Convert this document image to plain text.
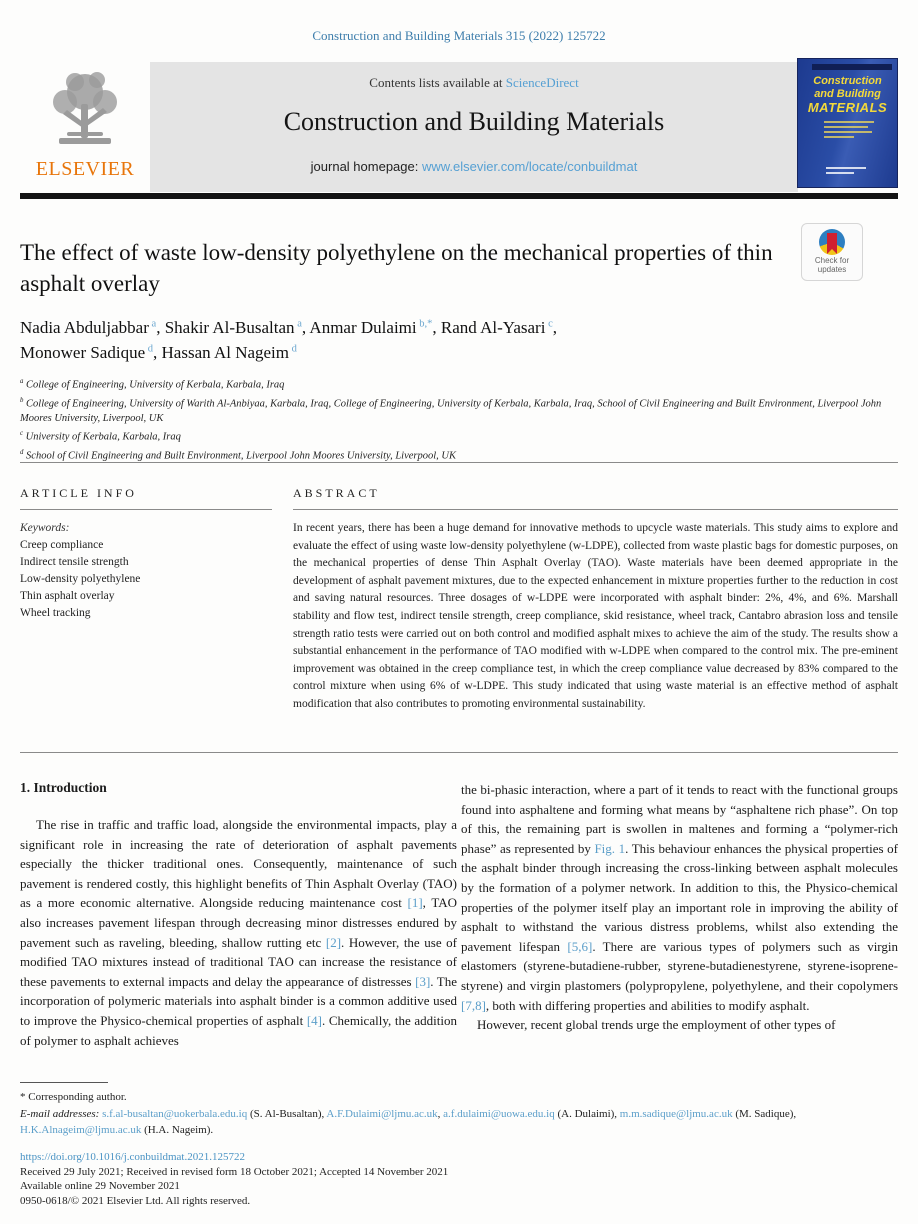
Construction and Building Materials 315 (2022) 125722
ELSEVIER
Contents lists available at ScienceDirect
Construction and Building Materials
journal homepage: www.elsevier.com/locate/conbuildmat
Construction
and Building
MATERIALS
Check for
updates
The effect of waste low-density polyethylene on the mechanical properties of thin asphalt overlay
Nadia Abduljabbar $^a$, Shakir Al-Busaltan $^a$, Anmar Dulaimi $^{b,*}$, Rand Al-Yasari $^c$,
Monower Sadique $^d$, Hassan Al Nageim $^d$
$^a$ College of Engineering, University of Kerbala, Karbala, Iraq
$^b$ College of Engineering, University of Warith Al-Anbiyaa, Karbala, Iraq, College of Engineering, University of Kerbala, Karbala, Iraq, School of Civil Engineering and Built Environment, Liverpool John Moores University, Liverpool, UK
$^c$ University of Kerbala, Karbala, Iraq
$^d$ School of Civil Engineering and Built Environment, Liverpool John Moores University, Liverpool, UK
ARTICLE INFO
Keywords:
Creep compliance
Indirect tensile strength
Low-density polyethylene
Thin asphalt overlay
Wheel tracking
ABSTRACT
In recent years, there has been a huge demand for innovative methods to upcycle waste materials. This study aims to explore and evaluate the effect of using waste low-density polyethylene (w-LDPE), collected from waste plastic bags for domestic purposes, on the mechanical properties of dense Thin Asphalt Overlay (TAO). Waste materials have been deemed appropriate in the development of asphalt pavement mixtures, due to the expected enhancement in mixture properties further to the reduction in cost and saving natural resources. Three dosages of w-LDPE were incorporated with asphalt binder: 2%, 4%, and 6%. Marshall stability and flow test, indirect tensile strength, creep compliance, skid resistance, wheel track, Cantabro abrasion loss and tensile strength ratio tests were carried out on both control and modified asphalt mixes to achieve the aim of the study. The results show a substantial enhancement in the performance of TAO modified with w-LDPE when compared to the control mix. The pre-eminent improvement was obtained in the creep compliance test, in which the creep compliance value decreased by 83% compared to the control mixture when using 6% of w-LDPE. This study indicated that using waste material is an effective method of asphalt modification that also contributes to promoting environmental sustainability.
1. Introduction

The rise in traffic and traffic load, alongside the environmental impacts, play a significant role in increasing the rate of deterioration of asphalt pavements especially the thicker traditional ones. Consequently, maintenance of such pavement is rendered costly, this highlight benefits of Thin Asphalt Overlay (TAO) as a more economic alternative. Alongside reducing maintenance cost [1], TAO also increases pavement lifespan through decreasing minor distresses endured by pavement such as raveling, bleeding, shallow rutting etc [2]. However, the use of modified TAO mixtures instead of traditional TAO can increase the resistance of these pavements to external impacts and delay the appearance of distresses [3]. The incorporation of polymeric materials into asphalt binder is a common additive used to improve the Physico-chemical properties of asphalt [4]. Chemically, the addition of polymer to asphalt achieves

the bi-phasic interaction, where a part of it tends to react with the functional groups found into asphaltene and forming what means by “asphaltene rich phase”. On top of this, the remaining part is swollen in maltenes and forming a “polymer-rich phase” as represented by Fig. 1. This behaviour enhances the physical properties of the asphalt binder through increasing the cross-linking between asphalt molecules by the formation of a polymer network. In addition to this, the Physico-chemical properties of the polymer itself play an important role in improving the ability of asphalt to withstand the various distress problems, whilst also extending the pavement lifespan [5,6]. There are various types of polymers such as virgin elastomers (styrene-butadiene-rubber, styrene-butadienestyrene, styrene-isoprene-styrene) and virgin plastomers (polypropylene, polyethylene, and their copolymers [7,8], both with differing properties and abilities to modify asphalt.

However, recent global trends urge the employment of other types of

* Corresponding author.
E-mail addresses: s.f.al-busaltan@uokerbala.edu.iq (S. Al-Busaltan), A.F.Dulaimi@ljmu.ac.uk, a.f.dulaimi@uowa.edu.iq (A. Dulaimi), m.m.sadique@ljmu.ac.uk (M. Sadique), H.K.Alnageim@ljmu.ac.uk (H.A. Nageim).
https://doi.org/10.1016/j.conbuildmat.2021.125722
Received 29 July 2021; Received in revised form 18 October 2021; Accepted 14 November 2021
Available online 29 November 2021
0950-0618/© 2021 Elsevier Ltd. All rights reserved.
